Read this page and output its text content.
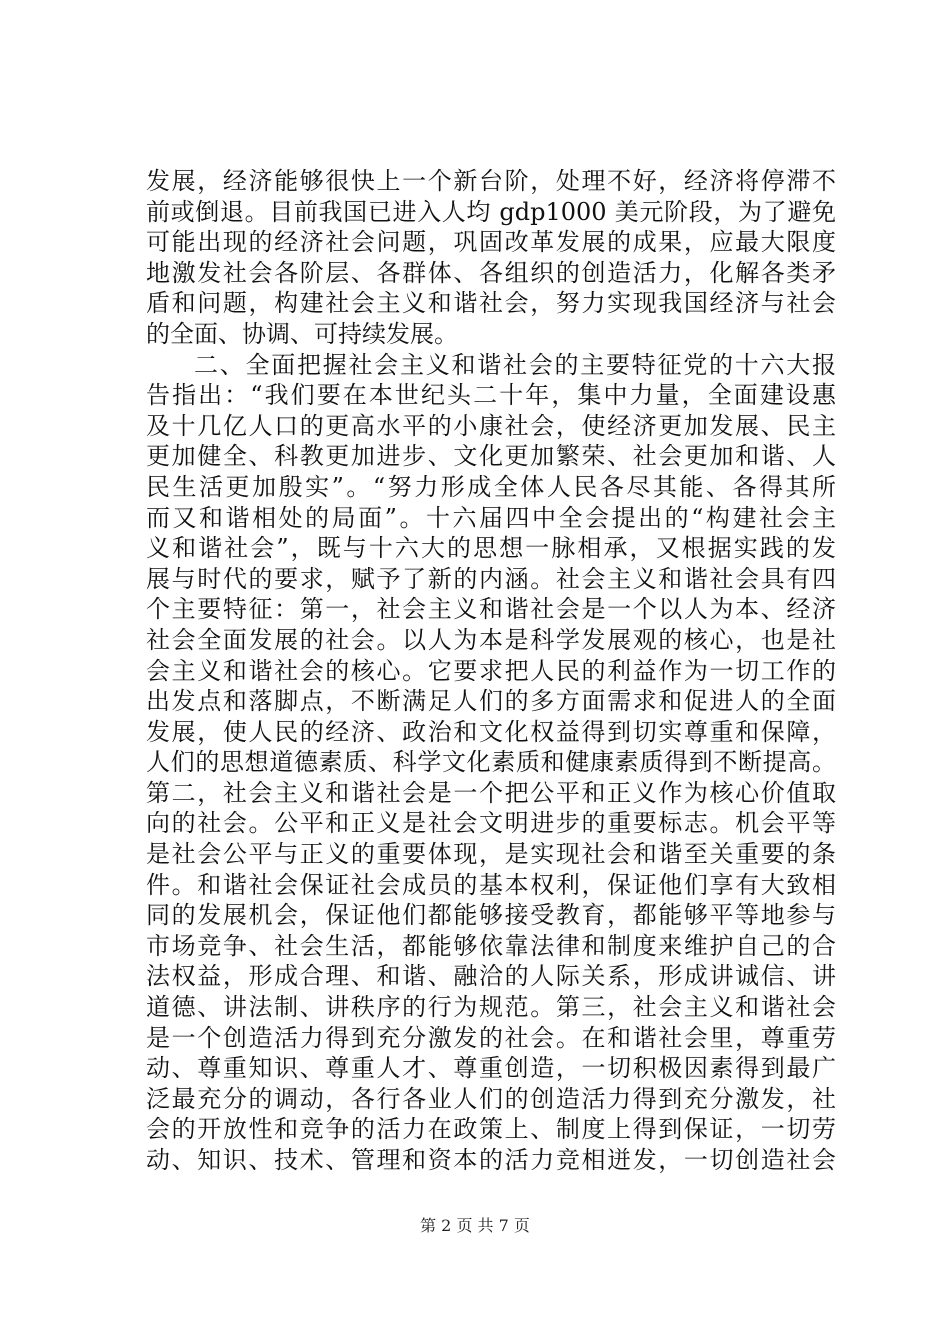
发展，经济能够很快上一个新台阶，处理不好，经济将停滞不
前或倒退。目前我国已进入人均 gdp1000 美元阶段，为了避免
可能出现的经济社会问题，巩固改革发展的成果，应最大限度
地激发社会各阶层、各群体、各组织的创造活力，化解各类矛
盾和问题，构建社会主义和谐社会，努力实现我国经济与社会
的全面、协调、可持续发展。
二、全面把握社会主义和谐社会的主要特征党的十六大报
告指出：“我们要在本世纪头二十年，集中力量，全面建设惠
及十几亿人口的更高水平的小康社会，使经济更加发展、民主
更加健全、科教更加进步、文化更加繁荣、社会更加和谐、人
民生活更加殷实”。“努力形成全体人民各尽其能、各得其所
而又和谐相处的局面”。十六届四中全会提出的“构建社会主
义和谐社会”，既与十六大的思想一脉相承，又根据实践的发
展与时代的要求，赋予了新的内涵。社会主义和谐社会具有四
个主要特征：第一，社会主义和谐社会是一个以人为本、经济
社会全面发展的社会。以人为本是科学发展观的核心，也是社
会主义和谐社会的核心。它要求把人民的利益作为一切工作的
出发点和落脚点，不断满足人们的多方面需求和促进人的全面
发展，使人民的经济、政治和文化权益得到切实尊重和保障，
人们的思想道德素质、科学文化素质和健康素质得到不断提高。
第二，社会主义和谐社会是一个把公平和正义作为核心价值取
向的社会。公平和正义是社会文明进步的重要标志。机会平等
是社会公平与正义的重要体现，是实现社会和谐至关重要的条
件。和谐社会保证社会成员的基本权利，保证他们享有大致相
同的发展机会，保证他们都能够接受教育，都能够平等地参与
市场竞争、社会生活，都能够依靠法律和制度来维护自己的合
法权益，形成合理、和谐、融洽的人际关系，形成讲诚信、讲
道德、讲法制、讲秩序的行为规范。第三，社会主义和谐社会
是一个创造活力得到充分激发的社会。在和谐社会里，尊重劳
动、尊重知识、尊重人才、尊重创造，一切积极因素得到最广
泛最充分的调动，各行各业人们的创造活力得到充分激发，社
会的开放性和竞争的活力在政策上、制度上得到保证，一切劳
动、知识、技术、管理和资本的活力竞相迸发，一切创造社会
第 2 页 共 7 页
